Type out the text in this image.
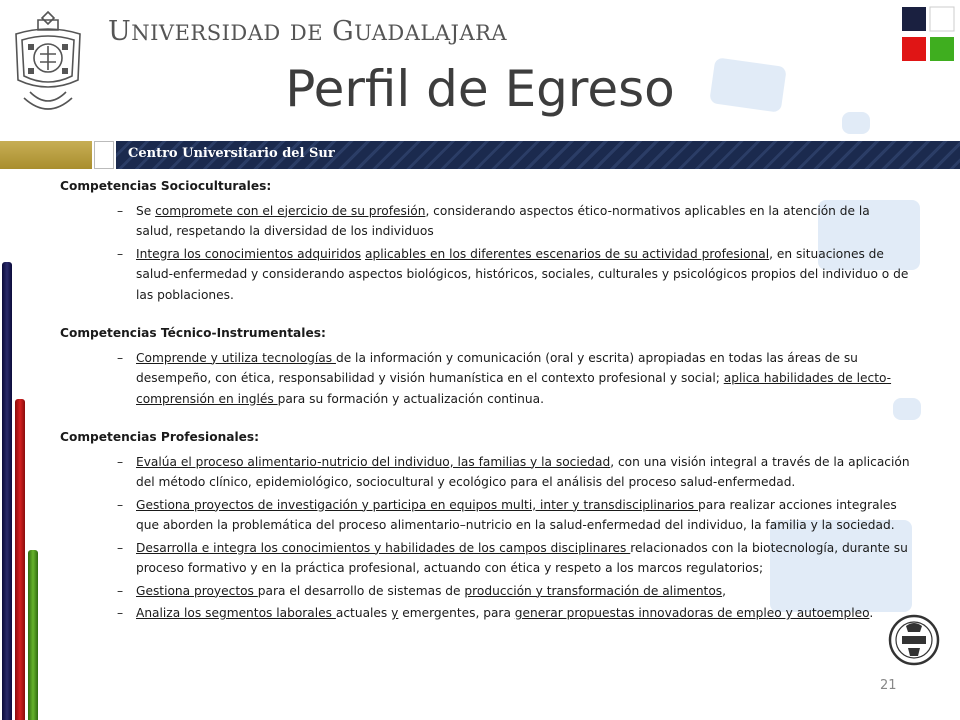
UNIVERSIDAD DE GUADALAJARA
Perfil de Egreso
Centro Universitario del Sur
Competencias Socioculturales:
– Se compromete con el ejercicio de su profesión, considerando aspectos ético-normativos aplicables en la atención de la salud, respetando la diversidad de los individuos
– Integra los conocimientos adquiridos aplicables en los diferentes escenarios de su actividad profesional, en situaciones de salud-enfermedad y considerando aspectos biológicos, históricos, sociales, culturales y psicológicos propios del individuo o de las poblaciones.
Competencias Técnico-Instrumentales:
– Comprende y utiliza tecnologías de la información y comunicación (oral y escrita) apropiadas en todas las áreas de su desempeño, con ética, responsabilidad y visión humanística en el contexto profesional y social; aplica habilidades de lecto-comprensión en inglés para su formación y actualización continua.
Competencias Profesionales:
– Evalúa el proceso alimentario-nutricio del individuo, las familias y la sociedad, con una visión integral a través de la aplicación del método clínico, epidemiológico, sociocultural y ecológico para el análisis del proceso salud-enfermedad.
– Gestiona proyectos de investigación y participa en equipos multi, inter y transdisciplinarios para realizar acciones integrales que aborden la problemática del proceso alimentario–nutricio en la salud-enfermedad del individuo, la familia y la sociedad.
– Desarrolla e integra los conocimientos y habilidades de los campos disciplinares relacionados con la biotecnología, durante su proceso formativo y en la práctica profesional, actuando con ética y respeto a los marcos regulatorios;
– Gestiona proyectos para el desarrollo de sistemas de producción y transformación de alimentos,
– Analiza los segmentos laborales actuales y emergentes, para generar propuestas innovadoras de empleo y autoempleo.
21
